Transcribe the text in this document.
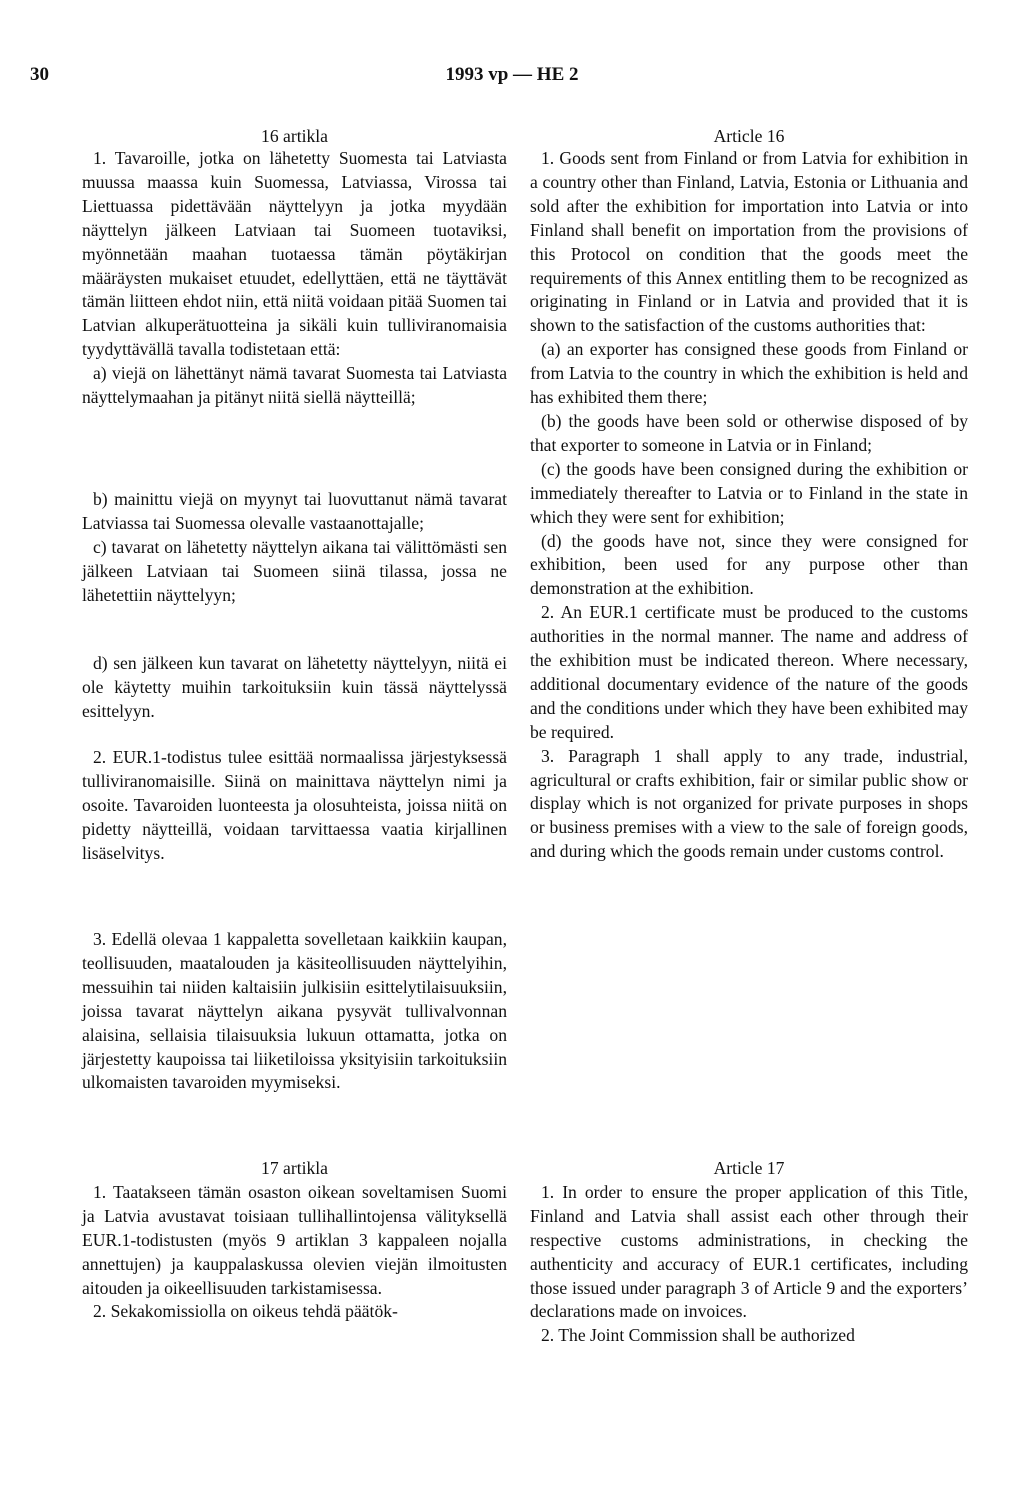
30	1993 vp — HE 2
16 artikla

1. Tavaroille, jotka on lähetetty Suomesta tai Latviasta muussa maassa kuin Suomessa, Latviassa, Virossa tai Liettuassa pidettävään näyttelyyn ja jotka myydään näyttelyn jälkeen Latviaan tai Suomeen tuotaviksi, myönnetään maahan tuotaessa tämän pöytäkirjan määräysten mukaiset etuudet, edellyttäen, että ne täyttävät tämän liitteen ehdot niin, että niitä voidaan pitää Suomen tai Latvian alkuperätuotteina ja sikäli kuin tulliviranomaisia tyydyttävällä tavalla todistetaan että:

a) viejä on lähettänyt nämä tavarat Suomesta tai Latviasta näyttelymaahan ja pitänyt niitä siellä näytteillä;

b) mainittu viejä on myynyt tai luovuttanut nämä tavarat Latviassa tai Suomessa olevalle vastaanottajalle;

c) tavarat on lähetetty näyttelyn aikana tai välittömästi sen jälkeen Latviaan tai Suomeen siinä tilassa, jossa ne lähetettiin näyttelyyn;

d) sen jälkeen kun tavarat on lähetetty näyttelyyn, niitä ei ole käytetty muihin tarkoituksiin kuin tässä näyttelyssä esittelyyn.

2. EUR.1-todistus tulee esittää normaalissa järjestyksessä tulliviranomaisille. Siinä on mainittava näyttelyn nimi ja osoite. Tavaroiden luonteesta ja olosuhteista, joissa niitä on pidetty näytteillä, voidaan tarvittaessa vaatia kirjallinen lisäselvitys.

3. Edellä olevaa 1 kappaletta sovelletaan kaikkiin kaupan, teollisuuden, maatalouden ja käsiteollisuuden näyttelyihin, messuihin tai niiden kaltaisiin julkisiin esittelytilaisuuksiin, joissa tavarat näyttelyn aikana pysyvät tullivalvonnan alaisina, sellaisia tilaisuuksia lukuun ottamatta, jotka on järjestetty kaupoissa tai liiketiloissa yksityisiin tarkoituksiin ulkomaisten tavaroiden myymiseksi.

17 artikla

1. Taatakseen tämän osaston oikean soveltamisen Suomi ja Latvia avustavat toisiaan tullihallintojensa välityksellä EUR.1-todistusten (myös 9 artiklan 3 kappaleen nojalla annettujen) ja kauppalaskussa olevien viejän ilmoitusten aitouden ja oikeellisuuden tarkistamisessa.

2. Sekakomissiolla on oikeus tehdä päätök-

Article 16

1. Goods sent from Finland or from Latvia for exhibition in a country other than Finland, Latvia, Estonia or Lithuania and sold after the exhibition for importation into Latvia or into Finland shall benefit on importation from the provisions of this Protocol on condition that the goods meet the requirements of this Annex entitling them to be recognized as originating in Finland or in Latvia and provided that it is shown to the satisfaction of the customs authorities that:

(a) an exporter has consigned these goods from Finland or from Latvia to the country in which the exhibition is held and has exhibited them there;

(b) the goods have been sold or otherwise disposed of by that exporter to someone in Latvia or in Finland;

(c) the goods have been consigned during the exhibition or immediately thereafter to Latvia or to Finland in the state in which they were sent for exhibition;

(d) the goods have not, since they were consigned for exhibition, been used for any purpose other than demonstration at the exhibition.

2. An EUR.1 certificate must be produced to the customs authorities in the normal manner. The name and address of the exhibition must be indicated thereon. Where necessary, additional documentary evidence of the nature of the goods and the conditions under which they have been exhibited may be required.

3. Paragraph 1 shall apply to any trade, industrial, agricultural or crafts exhibition, fair or similar public show or display which is not organized for private purposes in shops or business premises with a view to the sale of foreign goods, and during which the goods remain under customs control.

Article 17

1. In order to ensure the proper application of this Title, Finland and Latvia shall assist each other through their respective customs administrations, in checking the authenticity and accuracy of EUR.1 certificates, including those issued under paragraph 3 of Article 9 and the exporters’ declarations made on invoices.

2. The Joint Commission shall be authorized
